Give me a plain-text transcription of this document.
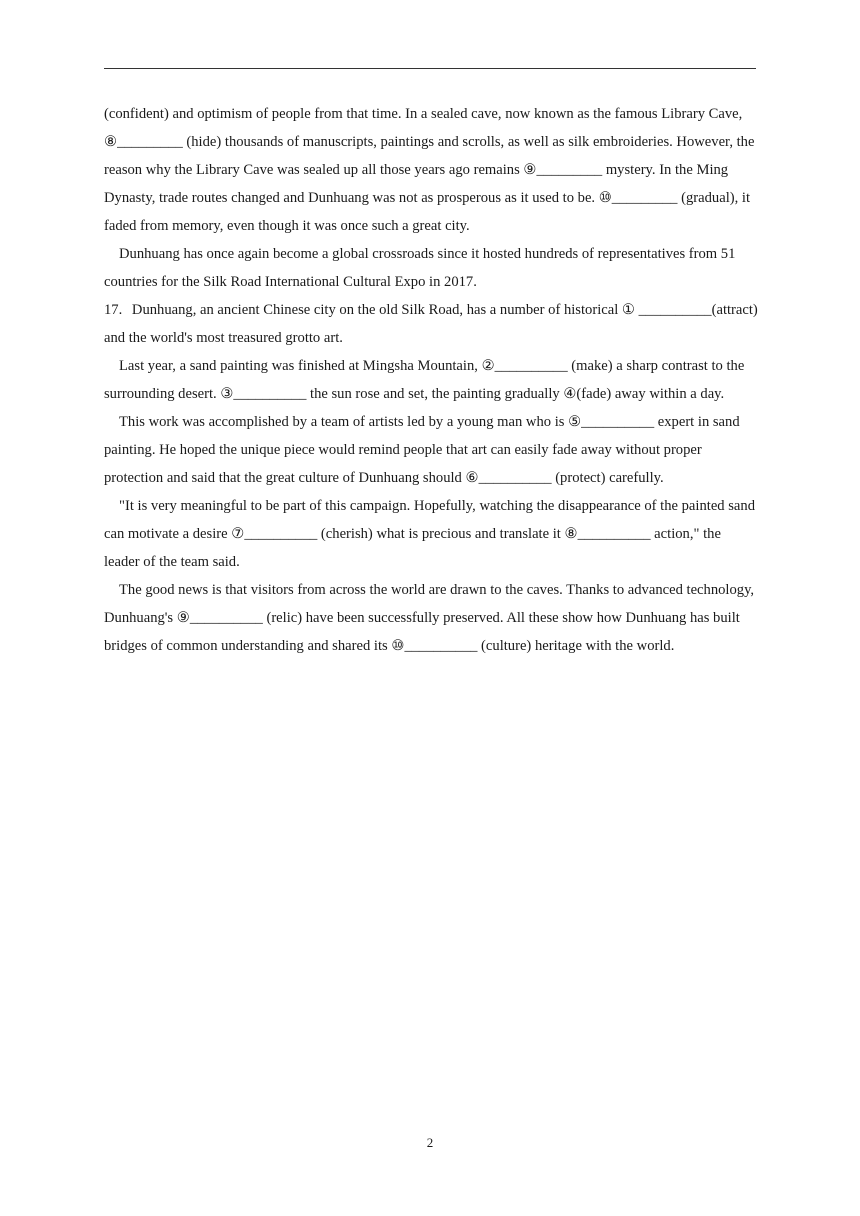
(confident) and optimism of people from that time. In a sealed cave, now known as the famous Library Cave, ⑧_________ (hide) thousands of manuscripts, paintings and scrolls, as well as silk embroideries. However, the reason why the Library Cave was sealed up all those years ago remains ⑨_________ mystery. In the Ming Dynasty, trade routes changed and Dunhuang was not as prosperous as it used to be. ⑩_________ (gradual), it faded from memory, even though it was once such a great city.

Dunhuang has once again become a global crossroads since it hosted hundreds of representatives from 51 countries for the Silk Road International Cultural Expo in 2017.

17. Dunhuang, an ancient Chinese city on the old Silk Road, has a number of historical ① __________(attract) and the world's most treasured grotto art.

Last year, a sand painting was finished at Mingsha Mountain, ②__________ (make) a sharp contrast to the surrounding desert. ③__________ the sun rose and set, the painting gradually ④(fade) away within a day.

This work was accomplished by a team of artists led by a young man who is ⑤__________ expert in sand painting. He hoped the unique piece would remind people that art can easily fade away without proper protection and said that the great culture of Dunhuang should ⑥__________ (protect) carefully.

"It is very meaningful to be part of this campaign. Hopefully, watching the disappearance of the painted sand can motivate a desire ⑦__________ (cherish) what is precious and translate it ⑧__________ action," the leader of the team said.

The good news is that visitors from across the world are drawn to the caves. Thanks to advanced technology, Dunhuang's ⑨__________ (relic) have been successfully preserved. All these show how Dunhuang has built bridges of common understanding and shared its ⑩__________ (culture) heritage with the world.

2
